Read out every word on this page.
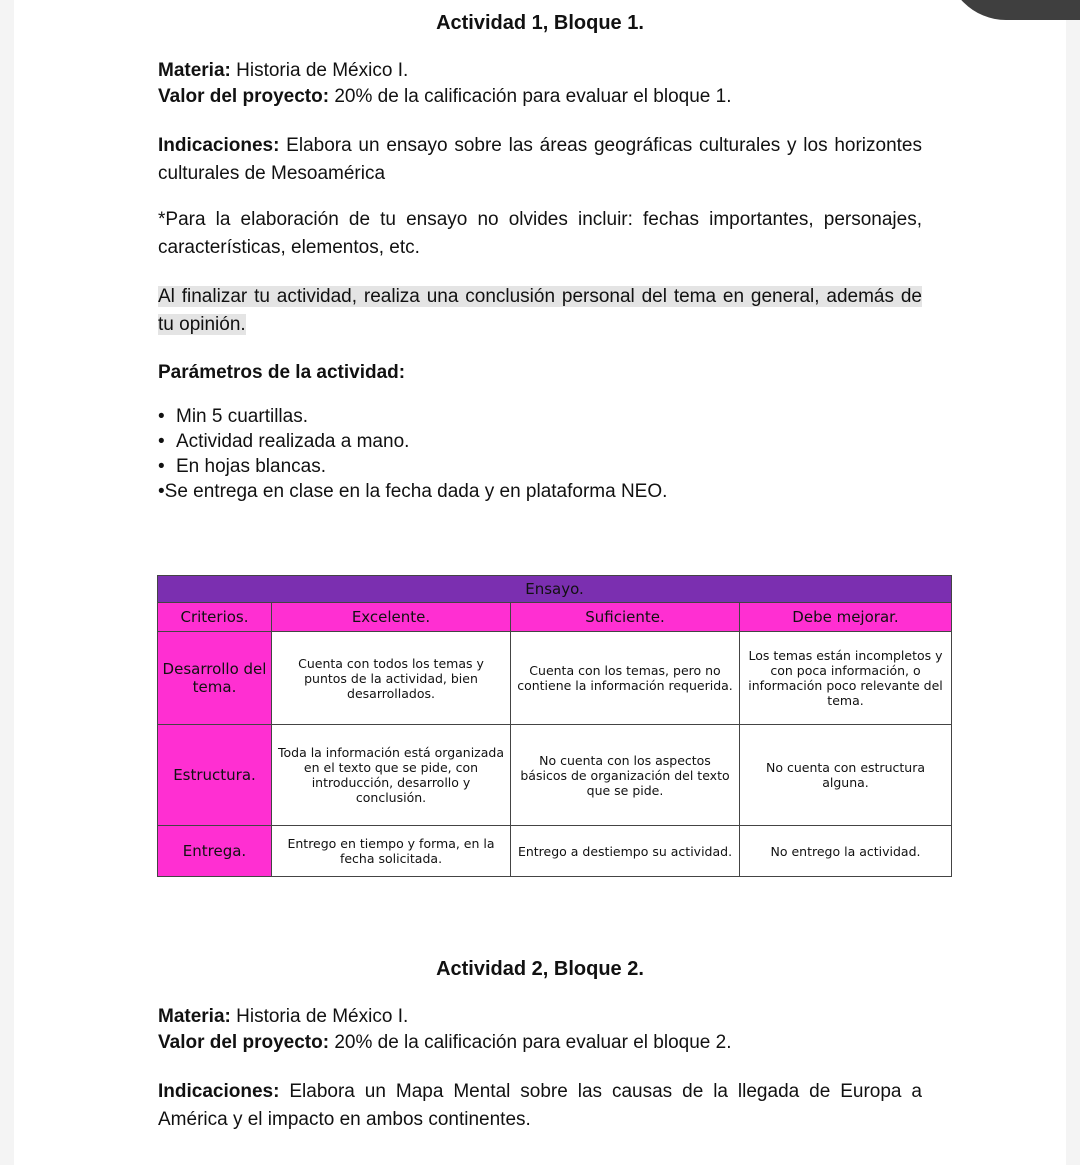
Actividad 1, Bloque 1.
Materia: Historia de México I.
Valor del proyecto: 20% de la calificación para evaluar el bloque 1.
Indicaciones: Elabora un ensayo sobre las áreas geográficas culturales y los horizontes culturales de Mesoamérica
*Para la elaboración de tu ensayo no olvides incluir: fechas importantes, personajes, características, elementos, etc.
Al finalizar tu actividad, realiza una conclusión personal del tema en general, además de tu opinión.
Parámetros de la actividad:
• Min 5 cuartillas.
• Actividad realizada a mano.
• En hojas blancas.
•Se entrega en clase en la fecha dada y en plataforma NEO.
Ensayo.			
Criterios.	Excelente.	Suficiente.	Debe mejorar.
Desarrollo del tema.	Cuenta con todos los temas y puntos de la actividad, bien desarrollados.	Cuenta con los temas, pero no contiene la información requerida.	Los temas están incompletos y con poca información, o información poco relevante del tema.
Estructura.	Toda la información está organizada en el texto que se pide, con introducción, desarrollo y conclusión.	No cuenta con los aspectos básicos de organización del texto que se pide.	No cuenta con estructura alguna.
Entrega.	Entrego en tiempo y forma, en la fecha solicitada.	Entrego a destiempo su actividad.	No entrego la actividad.
Actividad 2, Bloque 2.
Materia: Historia de México I.
Valor del proyecto: 20% de la calificación para evaluar el bloque 2.
Indicaciones: Elabora un Mapa Mental sobre las causas de la llegada de Europa a América y el impacto en ambos continentes.
